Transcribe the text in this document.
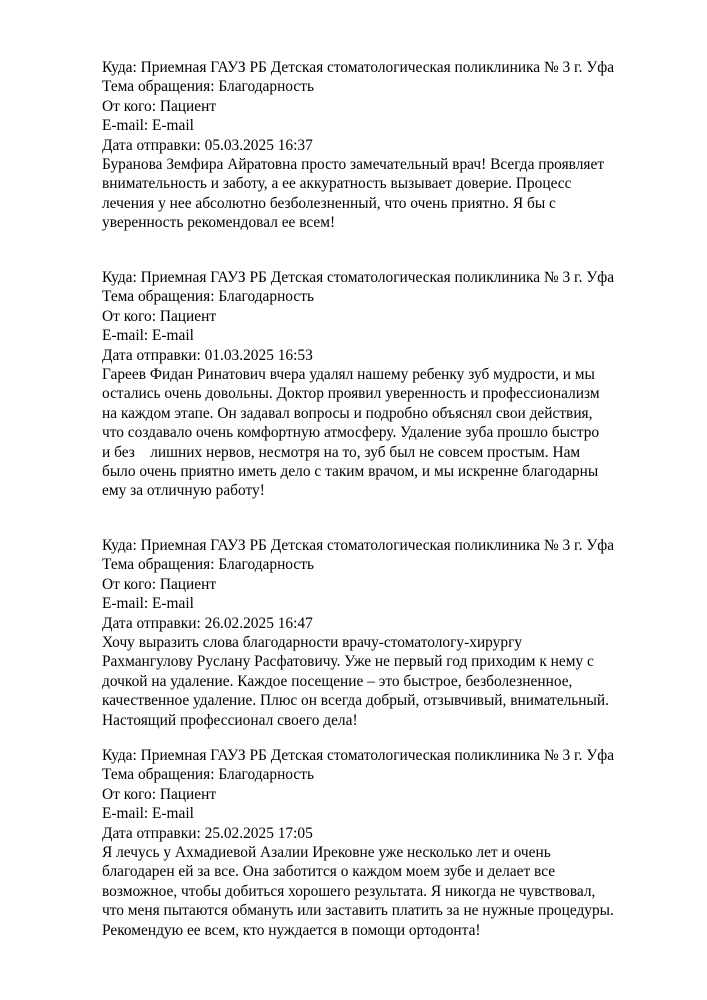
Куда: Приемная ГАУЗ РБ Детская стоматологическая поликлиника № 3 г. Уфа
Тема обращения: Благодарность
От кого: Пациент
E-mail: E-mail
Дата отправки: 05.03.2025 16:37
Буранова Земфира Айратовна просто замечательный врач! Всегда проявляет
внимательность и заботу, а ее аккуратность вызывает доверие. Процесс
лечения у нее абсолютно безболезненный, что очень приятно. Я бы с
уверенность рекомендовал ее всем!
Куда: Приемная ГАУЗ РБ Детская стоматологическая поликлиника № 3 г. Уфа
Тема обращения: Благодарность
От кого: Пациент
E-mail: E-mail
Дата отправки: 01.03.2025 16:53
Гареев Фидан Ринатович вчера удалял нашему ребенку зуб мудрости, и мы
остались очень довольны. Доктор проявил уверенность и профессионализм
на каждом этапе. Он задавал вопросы и подробно объяснял свои действия,
что создавало очень комфортную атмосферу. Удаление зуба прошло быстро
и без    лишних нервов, несмотря на то, зуб был не совсем простым. Нам
было очень приятно иметь дело с таким врачом, и мы искренне благодарны
ему за отличную работу!
Куда: Приемная ГАУЗ РБ Детская стоматологическая поликлиника № 3 г. Уфа
Тема обращения: Благодарность
От кого: Пациент
E-mail: E-mail
Дата отправки: 26.02.2025 16:47
Хочу выразить слова благодарности врачу-стоматологу-хирургу
Рахмангулову Руслану Расфатовичу. Уже не первый год приходим к нему с
дочкой на удаление. Каждое посещение – это быстрое, безболезненное,
качественное удаление. Плюс он всегда добрый, отзывчивый, внимательный.
Настоящий профессионал своего дела!
Куда: Приемная ГАУЗ РБ Детская стоматологическая поликлиника № 3 г. Уфа
Тема обращения: Благодарность
От кого: Пациент
E-mail: E-mail
Дата отправки: 25.02.2025 17:05
Я лечусь у Ахмадиевой Азалии Ирековне уже несколько лет и очень
благодарен ей за все. Она заботится о каждом моем зубе и делает все
возможное, чтобы добиться хорошего результата. Я никогда не чувствовал,
что меня пытаются обмануть или заставить платить за не нужные процедуры.
Рекомендую ее всем, кто нуждается в помощи ортодонта!
